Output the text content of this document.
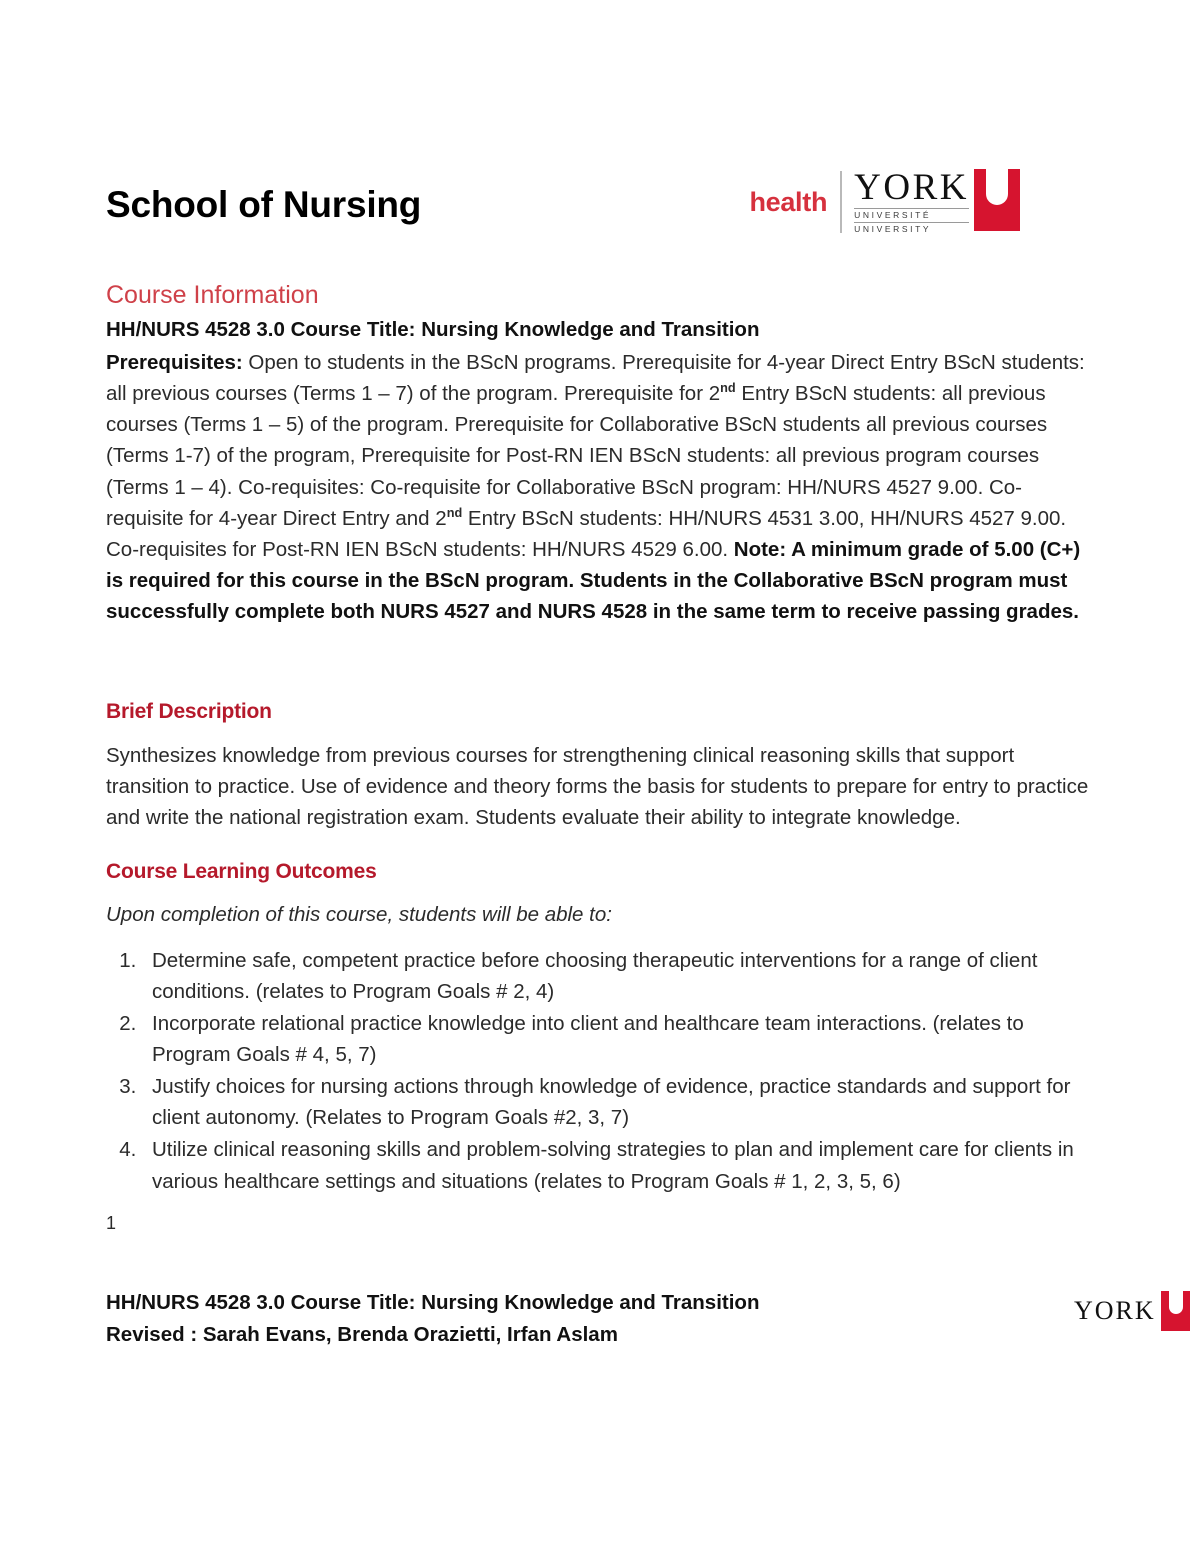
School of Nursing	health YORK
UNIVERSITÉ
UNIVERSITY
Course Information

HH/NURS 4528 3.0 Course Title: Nursing Knowledge and Transition

Prerequisites: Open to students in the BScN programs. Prerequisite for 4-year Direct Entry BScN students: all previous courses (Terms 1 – 7) of the program. Prerequisite for 2nd Entry BScN students: all previous courses (Terms 1 – 5) of the program. Prerequisite for Collaborative BScN students all previous courses (Terms 1-7) of the program, Prerequisite for Post-RN IEN BScN students: all previous program courses (Terms 1 – 4). Co-requisites: Co-requisite for Collaborative BScN program: HH/NURS 4527 9.00. Co-requisite for 4-year Direct Entry and 2nd Entry BScN students: HH/NURS 4531 3.00, HH/NURS 4527 9.00. Co-requisites for Post-RN IEN BScN students: HH/NURS 4529 6.00. Note: A minimum grade of 5.00 (C+) is required for this course in the BScN program. Students in the Collaborative BScN program must successfully complete both NURS 4527 and NURS 4528 in the same term to receive passing grades.

Brief Description

Synthesizes knowledge from previous courses for strengthening clinical reasoning skills that support transition to practice. Use of evidence and theory forms the basis for students to prepare for entry to practice and write the national registration exam. Students evaluate their ability to integrate knowledge.

Course Learning Outcomes

Upon completion of this course, students will be able to:

1. Determine safe, competent practice before choosing therapeutic interventions for a range of client conditions. (relates to Program Goals # 2, 4)
2. Incorporate relational practice knowledge into client and healthcare team interactions. (relates to Program Goals # 4, 5, 7)
3. Justify choices for nursing actions through knowledge of evidence, practice standards and support for client autonomy. (Relates to Program Goals #2, 3, 7)
4. Utilize clinical reasoning skills and problem-solving strategies to plan and implement care for clients in various healthcare settings and situations (relates to Program Goals # 1, 2, 3, 5, 6)

1

HH/NURS 4528 3.0 Course Title: Nursing Knowledge and Transition
Revised : Sarah Evans, Brenda Orazietti, Irfan Aslam
YORK
